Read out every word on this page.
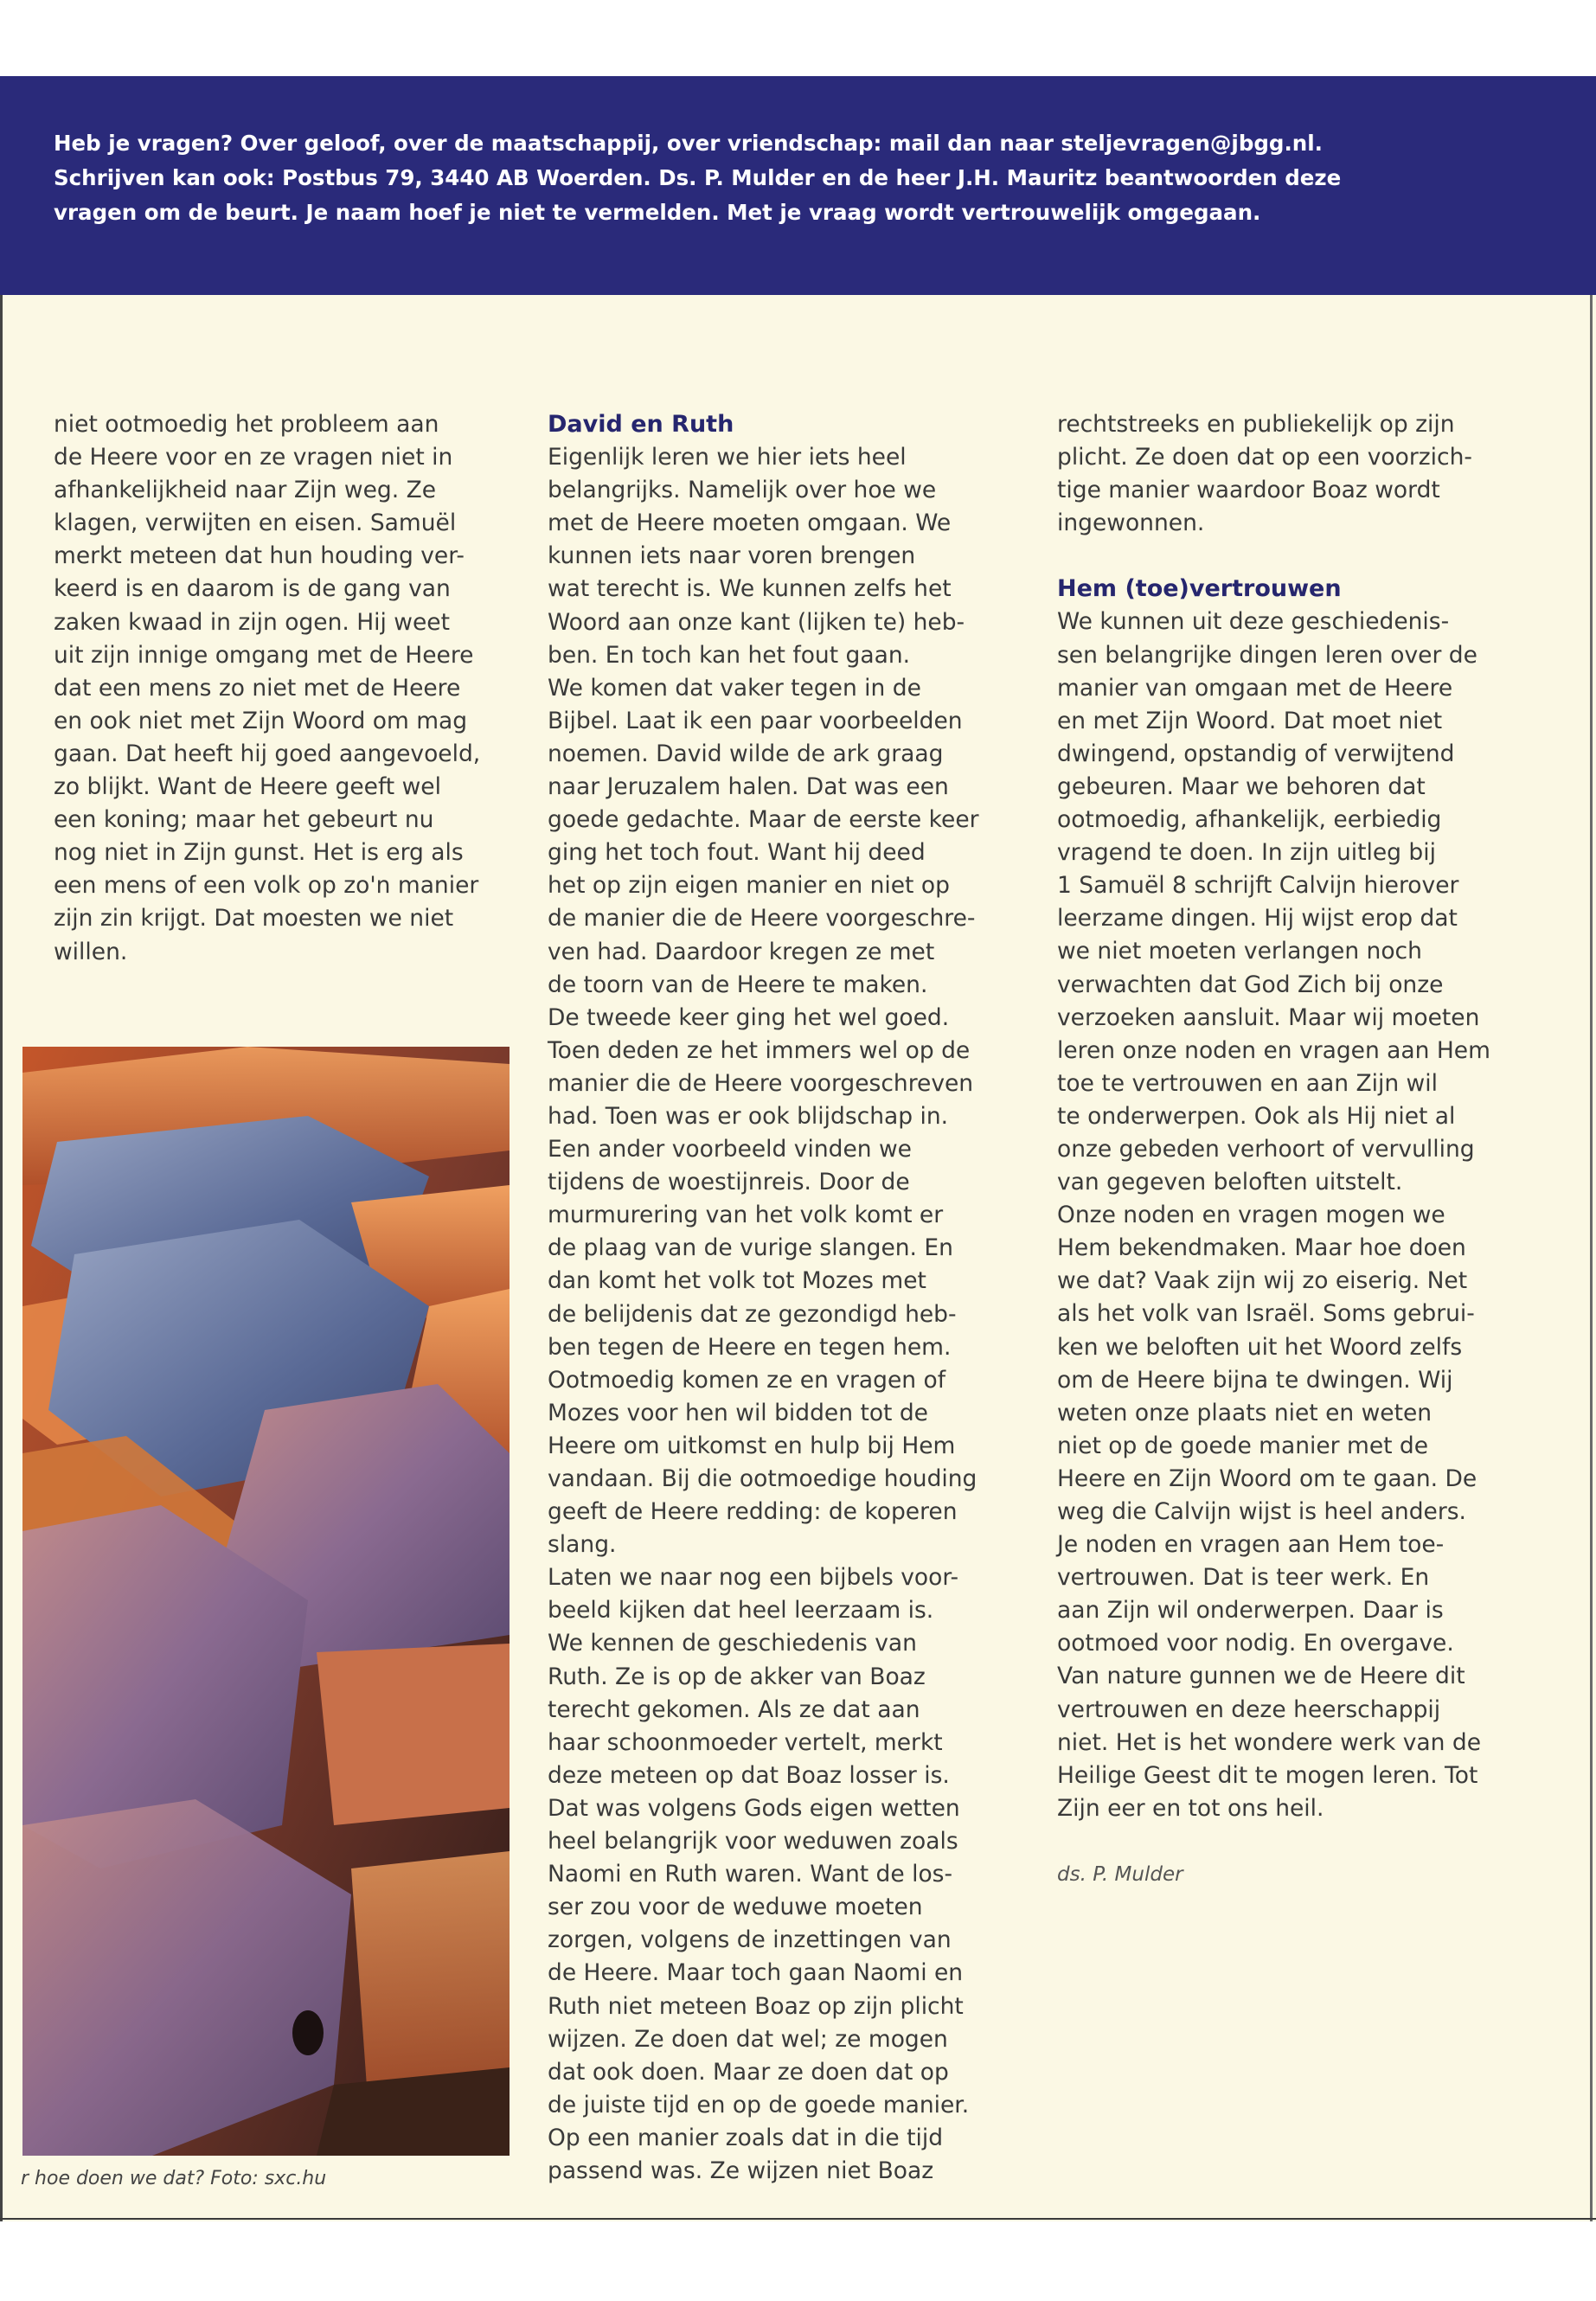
Heb je vragen? Over geloof, over de maatschappij, over vriendschap: mail dan naar steljevragen@jbgg.nl.

Schrijven kan ook: Postbus 79, 3440 AB Woerden. Ds. P. Mulder en de heer J.H. Mauritz beantwoorden deze

vragen om de beurt. Je naam hoef je niet te vermelden. Met je vraag wordt vertrouwelijk omgegaan.

niet ootmoedig het probleem aan

de Heere voor en ze vragen niet in

afhankelijkheid naar Zijn weg. Ze

klagen, verwijten en eisen. Samuël

merkt meteen dat hun houding ver-

keerd is en daarom is de gang van

zaken kwaad in zijn ogen. Hij weet

uit zijn innige omgang met de Heere

dat een mens zo niet met de Heere

en ook niet met Zijn Woord om mag

gaan. Dat heeft hij goed aangevoeld,

zo blijkt. Want de Heere geeft wel

een koning; maar het gebeurt nu

nog niet in Zijn gunst. Het is erg als

een mens of een volk op zo'n manier

zijn zin krijgt. Dat moesten we niet

willen.

r hoe doen we dat? Foto: sxc.hu
David en Ruth

Eigenlijk leren we hier iets heel

belangrijks. Namelijk over hoe we

met de Heere moeten omgaan. We

kunnen iets naar voren brengen

wat terecht is. We kunnen zelfs het

Woord aan onze kant (lijken te) heb-

ben. En toch kan het fout gaan.

We komen dat vaker tegen in de

Bijbel. Laat ik een paar voorbeelden

noemen. David wilde de ark graag

naar Jeruzalem halen. Dat was een

goede gedachte. Maar de eerste keer

ging het toch fout. Want hij deed

het op zijn eigen manier en niet op

de manier die de Heere voorgeschre-

ven had. Daardoor kregen ze met

de toorn van de Heere te maken.

De tweede keer ging het wel goed.

Toen deden ze het immers wel op de

manier die de Heere voorgeschreven

had. Toen was er ook blijdschap in.

Een ander voorbeeld vinden we

tijdens de woestijnreis. Door de

murmurering van het volk komt er

de plaag van de vurige slangen. En

dan komt het volk tot Mozes met

de belijdenis dat ze gezondigd heb-

ben tegen de Heere en tegen hem.

Ootmoedig komen ze en vragen of

Mozes voor hen wil bidden tot de

Heere om uitkomst en hulp bij Hem

vandaan. Bij die ootmoedige houding

geeft de Heere redding: de koperen

slang.

Laten we naar nog een bijbels voor-

beeld kijken dat heel leerzaam is.

We kennen de geschiedenis van

Ruth. Ze is op de akker van Boaz

terecht gekomen. Als ze dat aan

haar schoonmoeder vertelt, merkt

deze meteen op dat Boaz losser is.

Dat was volgens Gods eigen wetten

heel belangrijk voor weduwen zoals

Naomi en Ruth waren. Want de los-

ser zou voor de weduwe moeten

zorgen, volgens de inzettingen van

de Heere. Maar toch gaan Naomi en

Ruth niet meteen Boaz op zijn plicht

wijzen. Ze doen dat wel; ze mogen

dat ook doen. Maar ze doen dat op

de juiste tijd en op de goede manier.

Op een manier zoals dat in die tijd

passend was. Ze wijzen niet Boaz

rechtstreeks en publiekelijk op zijn

plicht. Ze doen dat op een voorzich-

tige manier waardoor Boaz wordt

ingewonnen.

Hem (toe)vertrouwen

We kunnen uit deze geschiedenis-

sen belangrijke dingen leren over de

manier van omgaan met de Heere

en met Zijn Woord. Dat moet niet

dwingend, opstandig of verwijtend

gebeuren. Maar we behoren dat

ootmoedig, afhankelijk, eerbiedig

vragend te doen. In zijn uitleg bij

1 Samuël 8 schrijft Calvijn hierover

leerzame dingen. Hij wijst erop dat

we niet moeten verlangen noch

verwachten dat God Zich bij onze

verzoeken aansluit. Maar wij moeten

leren onze noden en vragen aan Hem

toe te vertrouwen en aan Zijn wil

te onderwerpen. Ook als Hij niet al

onze gebeden verhoort of vervulling

van gegeven beloften uitstelt.

Onze noden en vragen mogen we

Hem bekendmaken. Maar hoe doen

we dat? Vaak zijn wij zo eiserig. Net

als het volk van Israël. Soms gebrui-

ken we beloften uit het Woord zelfs

om de Heere bijna te dwingen. Wij

weten onze plaats niet en weten

niet op de goede manier met de

Heere en Zijn Woord om te gaan. De

weg die Calvijn wijst is heel anders.

Je noden en vragen aan Hem toe-

vertrouwen. Dat is teer werk. En

aan Zijn wil onderwerpen. Daar is

ootmoed voor nodig. En overgave.

Van nature gunnen we de Heere dit

vertrouwen en deze heerschappij

niet. Het is het wondere werk van de

Heilige Geest dit te mogen leren. Tot

Zijn eer en tot ons heil.

ds. P. Mulder
